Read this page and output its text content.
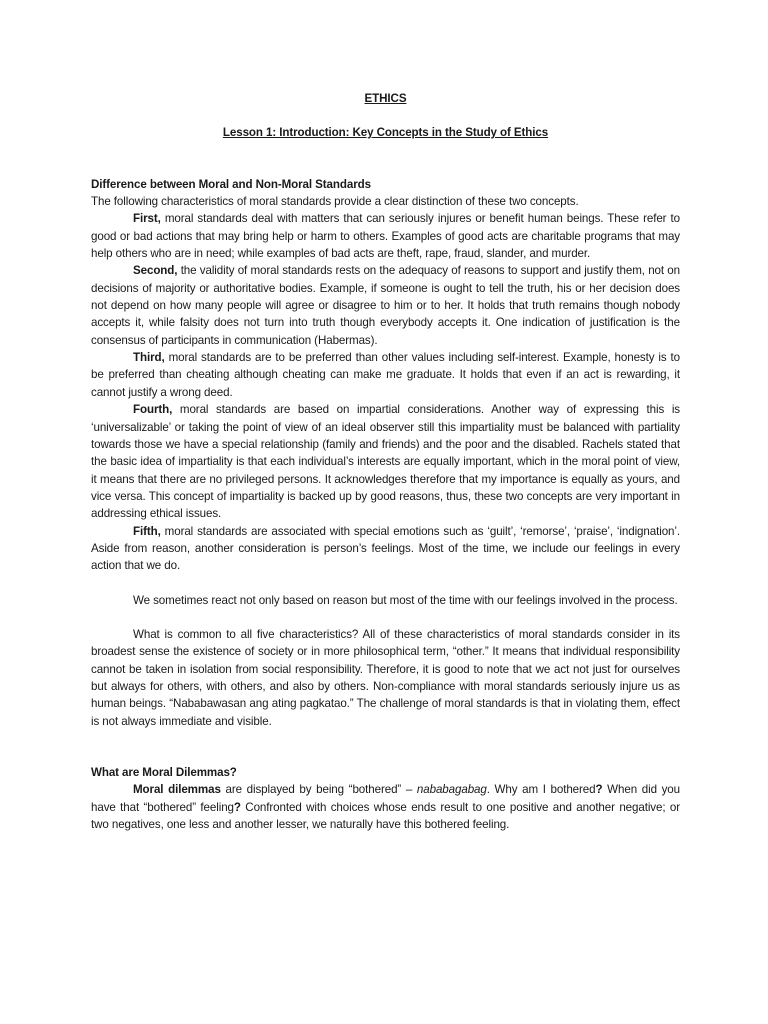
ETHICS

Lesson 1: Introduction: Key Concepts in the Study of Ethics

Difference between Moral and Non-Moral Standards

The following characteristics of moral standards provide a clear distinction of these two concepts.

First, moral standards deal with matters that can seriously injures or benefit human beings. These refer to good or bad actions that may bring help or harm to others. Examples of good acts are charitable programs that may help others who are in need; while examples of bad acts are theft, rape, fraud, slander, and murder.

Second, the validity of moral standards rests on the adequacy of reasons to support and justify them, not on decisions of majority or authoritative bodies. Example, if someone is ought to tell the truth, his or her decision does not depend on how many people will agree or disagree to him or to her. It holds that truth remains though nobody accepts it, while falsity does not turn into truth though everybody accepts it. One indication of justification is the consensus of participants in communication (Habermas).

Third, moral standards are to be preferred than other values including self-interest. Example, honesty is to be preferred than cheating although cheating can make me graduate. It holds that even if an act is rewarding, it cannot justify a wrong deed.

Fourth, moral standards are based on impartial considerations. Another way of expressing this is ‘universalizable’ or taking the point of view of an ideal observer still this impartiality must be balanced with partiality towards those we have a special relationship (family and friends) and the poor and the disabled. Rachels stated that the basic idea of impartiality is that each individual’s interests are equally important, which in the moral point of view, it means that there are no privileged persons. It acknowledges therefore that my importance is equally as yours, and vice versa. This concept of impartiality is backed up by good reasons, thus, these two concepts are very important in addressing ethical issues.

Fifth, moral standards are associated with special emotions such as ‘guilt’, ‘remorse’, ‘praise’, ‘indignation’. Aside from reason, another consideration is person’s feelings. Most of the time, we include our feelings in every action that we do.

We sometimes react not only based on reason but most of the time with our feelings involved in the process.

What is common to all five characteristics? All of these characteristics of moral standards consider in its broadest sense the existence of society or in more philosophical term, “other.” It means that individual responsibility cannot be taken in isolation from social responsibility. Therefore, it is good to note that we act not just for ourselves but always for others, with others, and also by others. Non-compliance with moral standards seriously injure us as human beings. “Nababawasan ang ating pagkatao.” The challenge of moral standards is that in violating them, effect is not always immediate and visible.

What are Moral Dilemmas?

Moral dilemmas are displayed by being “bothered” – nababagabag. Why am I bothered? When did you have that “bothered” feeling? Confronted with choices whose ends result to one positive and another negative; or two negatives, one less and another lesser, we naturally have this bothered feeling.
